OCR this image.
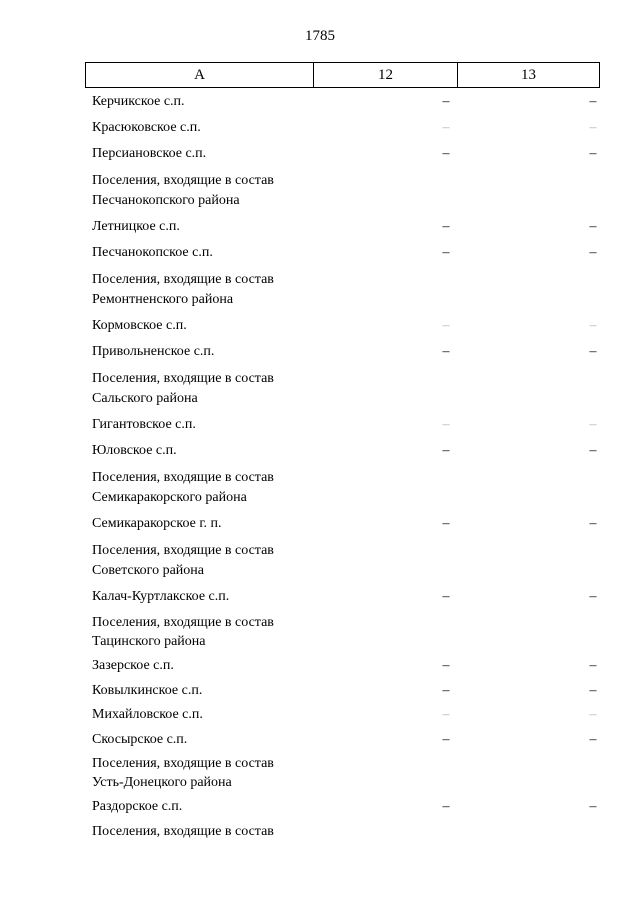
1785
А	12	13
Керчикское с.п.	–	–
Красюковское с.п.	–	–
Персиановское с.п.	–	–
Поселения, входящие в состав
Песчанокопского района
Летницкое с.п.	–	–
Песчанокопское с.п.	–	–
Поселения, входящие в состав
Ремонтненского района
Кормовское с.п.	–	–
Привольненское с.п.	–	–
Поселения, входящие в состав
Сальского района
Гигантовское с.п.	–	–
Юловское с.п.	–	–
Поселения, входящие в состав
Семикаракорского района
Семикаракорское г. п.	–	–
Поселения, входящие в состав
Советского района
Калач-Куртлакское с.п.	–	–
Поселения, входящие в состав
Тацинского района
Зазерское с.п.	–	–
Ковылкинское с.п.	–	–
Михайловское с.п.	–	–
Скосырское с.п.	–	–
Поселения, входящие в состав
Усть-Донецкого района
Раздорское с.п.	–	–
Поселения, входящие в состав
